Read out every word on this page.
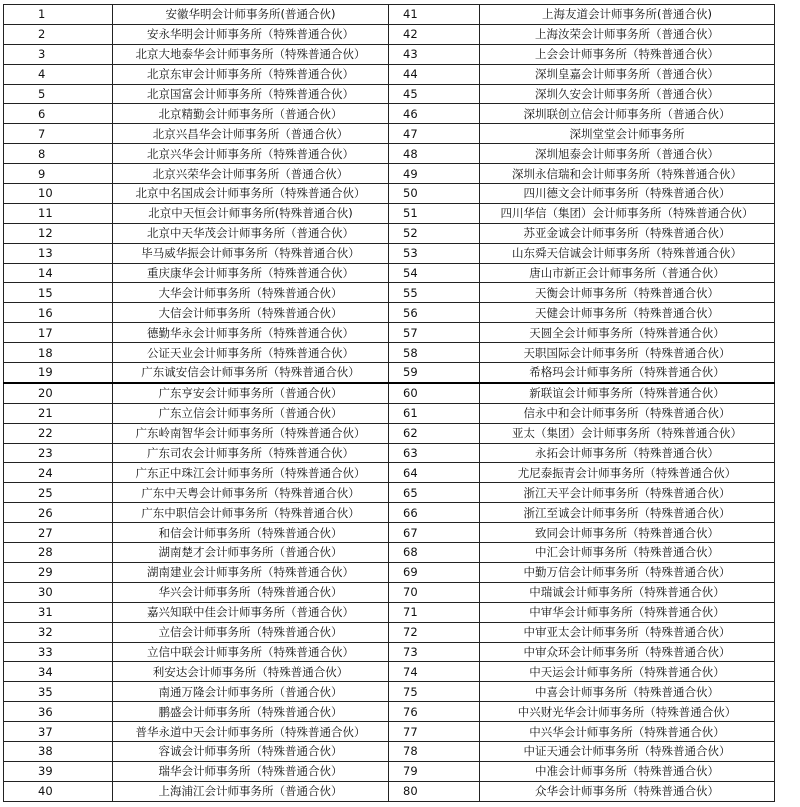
1	安徽华明会计师事务所(普通合伙)	41	上海友道会计师事务所(普通合伙)
2	安永华明会计师事务所（特殊普通合伙）	42	上海汝荣会计师事务所（普通合伙）
3	北京大地泰华会计师事务所（特殊普通合伙）	43	上会会计师事务所（特殊普通合伙）
4	北京东审会计师事务所（特殊普通合伙）	44	深圳皇嘉会计师事务所（普通合伙）
5	北京国富会计师事务所（特殊普通合伙）	45	深圳久安会计师事务所（普通合伙）
6	北京精勤会计师事务所（普通合伙）	46	深圳联创立信会计师事务所（普通合伙）
7	北京兴昌华会计师事务所（普通合伙）	47	深圳堂堂会计师事务所
8	北京兴华会计师事务所（特殊普通合伙）	48	深圳旭泰会计师事务所（普通合伙）
9	北京兴荣华会计师事务所（普通合伙）	49	深圳永信瑞和会计师事务所（特殊普通合伙）
10	北京中名国成会计师事务所（特殊普通合伙）	50	四川德文会计师事务所（特殊普通合伙）
11	北京中天恒会计师事务所(特殊普通合伙)	51	四川华信（集团）会计师事务所（特殊普通合伙）
12	北京中天华茂会计师事务所（普通合伙）	52	苏亚金诚会计师事务所（特殊普通合伙）
13	毕马威华振会计师事务所（特殊普通合伙）	53	山东舜天信诚会计师事务所（特殊普通合伙）
14	重庆康华会计师事务所（特殊普通合伙）	54	唐山市新正会计师事务所（普通合伙）
15	大华会计师事务所（特殊普通合伙）	55	天衡会计师事务所（特殊普通合伙）
16	大信会计师事务所（特殊普通合伙）	56	天健会计师事务所（特殊普通合伙）
17	德勤华永会计师事务所（特殊普通合伙）	57	天圆全会计师事务所（特殊普通合伙）
18	公证天业会计师事务所（特殊普通合伙）	58	天职国际会计师事务所（特殊普通合伙）
19	广东诚安信会计师事务所（特殊普通合伙）	59	希格玛会计师事务所（特殊普通合伙）
20	广东亨安会计师事务所（普通合伙）	60	新联谊会计师事务所（特殊普通合伙）
21	广东立信会计师事务所（普通合伙）	61	信永中和会计师事务所（特殊普通合伙）
22	广东岭南智华会计师事务所（特殊普通合伙）	62	亚太（集团）会计师事务所（特殊普通合伙）
23	广东司农会计师事务所（特殊普通合伙）	63	永拓会计师事务所（特殊普通合伙）
24	广东正中珠江会计师事务所（特殊普通合伙）	64	尤尼泰振青会计师事务所（特殊普通合伙）
25	广东中天粤会计师事务所（特殊普通合伙）	65	浙江天平会计师事务所（特殊普通合伙）
26	广东中职信会计师事务所（特殊普通合伙）	66	浙江至诚会计师事务所（特殊普通合伙）
27	和信会计师事务所（特殊普通合伙）	67	致同会计师事务所（特殊普通合伙）
28	湖南楚才会计师事务所（普通合伙）	68	中汇会计师事务所（特殊普通合伙）
29	湖南建业会计师事务所（特殊普通合伙）	69	中勤万信会计师事务所（特殊普通合伙）
30	华兴会计师事务所（特殊普通合伙）	70	中瑞诚会计师事务所（特殊普通合伙）
31	嘉兴知联中佳会计师事务所（普通合伙）	71	中审华会计师事务所（特殊普通合伙）
32	立信会计师事务所（特殊普通合伙）	72	中审亚太会计师事务所（特殊普通合伙）
33	立信中联会计师事务所（特殊普通合伙）	73	中审众环会计师事务所（特殊普通合伙）
34	利安达会计师事务所（特殊普通合伙）	74	中天运会计师事务所（特殊普通合伙）
35	南通万隆会计师事务所（普通合伙）	75	中喜会计师事务所（特殊普通合伙）
36	鹏盛会计师事务所（特殊普通合伙）	76	中兴财光华会计师事务所（特殊普通合伙）
37	普华永道中天会计师事务所（特殊普通合伙）	77	中兴华会计师事务所（特殊普通合伙）
38	容诚会计师事务所（特殊普通合伙）	78	中证天通会计师事务所（特殊普通合伙）
39	瑞华会计师事务所（特殊普通合伙）	79	中准会计师事务所（特殊普通合伙）
40	上海浦江会计师事务所（普通合伙）	80	众华会计师事务所（特殊普通合伙）
